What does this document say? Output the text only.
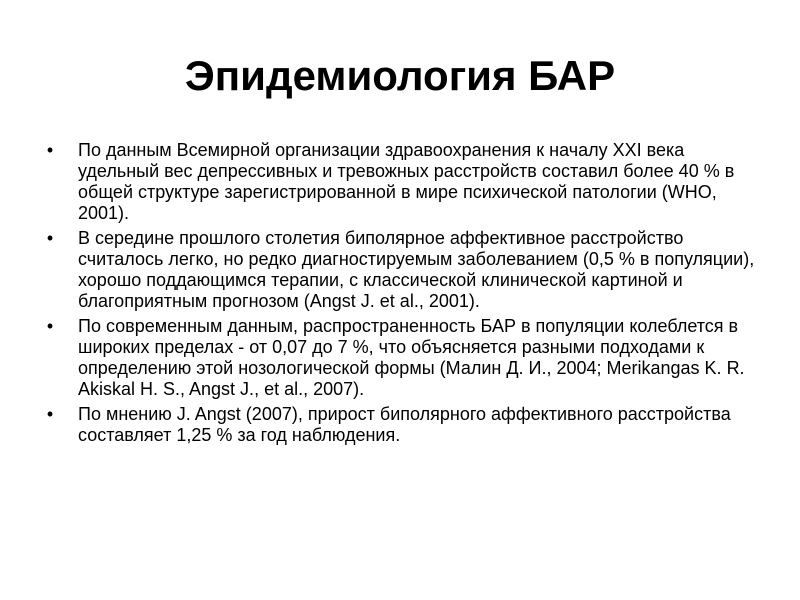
Эпидемиология БАР
• По данным Всемирной организации здравоохранения к началу XXI века удельный вес депрессивных и тревожных расстройств составил более 40 % в общей структуре зарегистрированной в мире психической патологии (WHO, 2001).
• В середине прошлого столетия биполярное аффективное расстройство считалось легко, но редко диагностируемым заболеванием (0,5 % в популяции), хорошо поддающимся терапии, с классической клинической картиной и благоприятным прогнозом (Angst J. et al., 2001).
• По современным данным, распространенность БАР в популяции колеблется в широких пределах - от 0,07 до 7 %, что объясняется разными подходами к определению этой нозологической формы (Малин Д. И., 2004; Merikangas K. R. Akiskal H. S., Angst J., et al., 2007).
• По мнению J. Angst (2007), прирост биполярного аффективного расстройства составляет 1,25 % за год наблюдения.
